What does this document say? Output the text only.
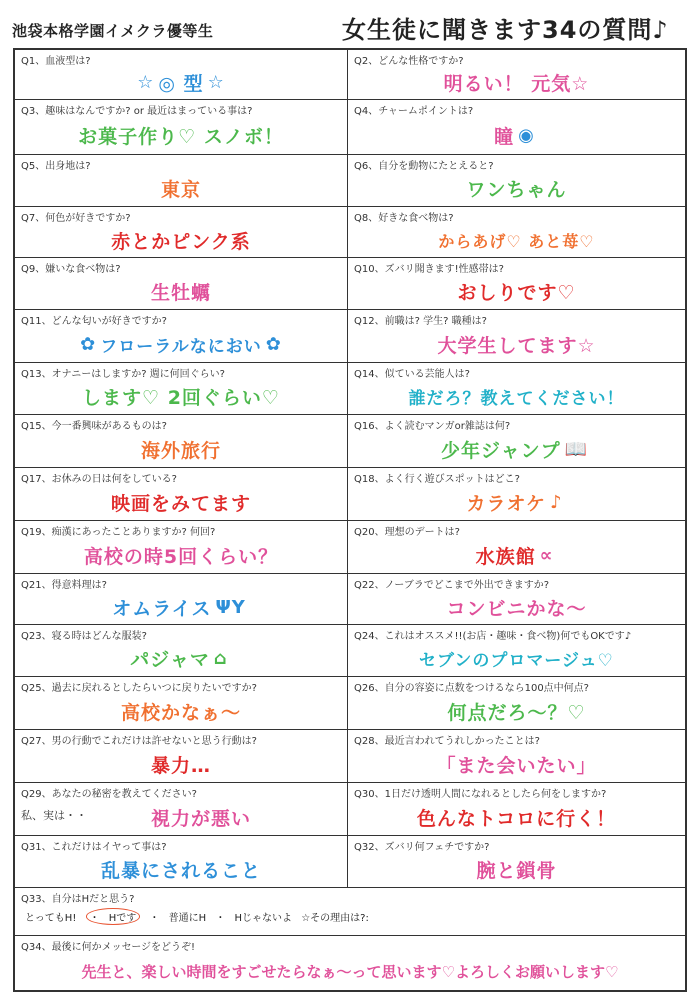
池袋本格学園イメクラ優等生	女生徒に聞きます34の質問♪
Q1、血液型は?
☆ ◎ 型 ☆
Q2、どんな性格ですか?
明るい！ 元気☆
Q3、趣味はなんですか? or 最近はまっている事は?
お菓子作り♡ スノボ！
Q4、チャームポイントは?
瞳 ◉
Q5、出身地は?
東京
Q6、自分を動物にたとえると?
ワンちゃん
Q7、何色が好きですか?
赤とかピンク系
Q8、好きな食べ物は?
からあげ♡ あと苺♡
Q9、嫌いな食べ物は?
生牡蠣
Q10、ズバリ聞きます!性感帯は?
おしりです♡
Q11、どんな匂いが好きですか?
✿ フローラルなにおい ✿
Q12、前職は? 学生? 職種は?
大学生してます☆
Q13、オナニーはしますか? 週に何回ぐらい?
します♡ 2回ぐらい♡
Q14、似ている芸能人は?
誰だろ？教えてください！
Q15、今一番興味があるものは?
海外旅行
Q16、よく読むマンガor雑誌は何?
少年ジャンプ 📖
Q17、お休みの日は何をしている?
映画をみてます
Q18、よく行く遊びスポットはどこ?
カラオケ ♪
Q19、痴漢にあったことありますか? 何回?
高校の時5回くらい？
Q20、理想のデートは?
水族館 ∝
Q21、得意料理は?
オムライス ΨΥ
Q22、ノーブラでどこまで外出できますか?
コンビニかな～
Q23、寝る時はどんな服装?
パジャマ ⌂
Q24、これはオススメ!!(お店・趣味・食べ物)何でもOKです♪
セブンのプロマージュ♡
Q25、過去に戻れるとしたらいつに戻りたいですか?
高校かなぁ～
Q26、自分の容姿に点数をつけるなら100点中何点?
何点だろ～？♡
Q27、男の行動でこれだけは許せないと思う行動は?
暴力…
Q28、最近言われてうれしかったことは?
「また会いたい」
Q29、あなたの秘密を教えてください?
私、実は・・	視力が悪い
Q30、1日だけ透明人間になれるとしたら何をしますか?
色んなトコロに行く！
Q31、これだけはイヤって事は?
乱暴にされること
Q32、ズバリ何フェチですか?
腕と鎖骨
Q33、自分はHだと思う?
とってもH! ・ Hです ・ 普通にH ・ Hじゃないよ ☆その理由は?:
Q34、最後に何かメッセージをどうぞ!
先生と、楽しい時間をすごせたらなぁ～って思います♡よろしくお願いします♡
